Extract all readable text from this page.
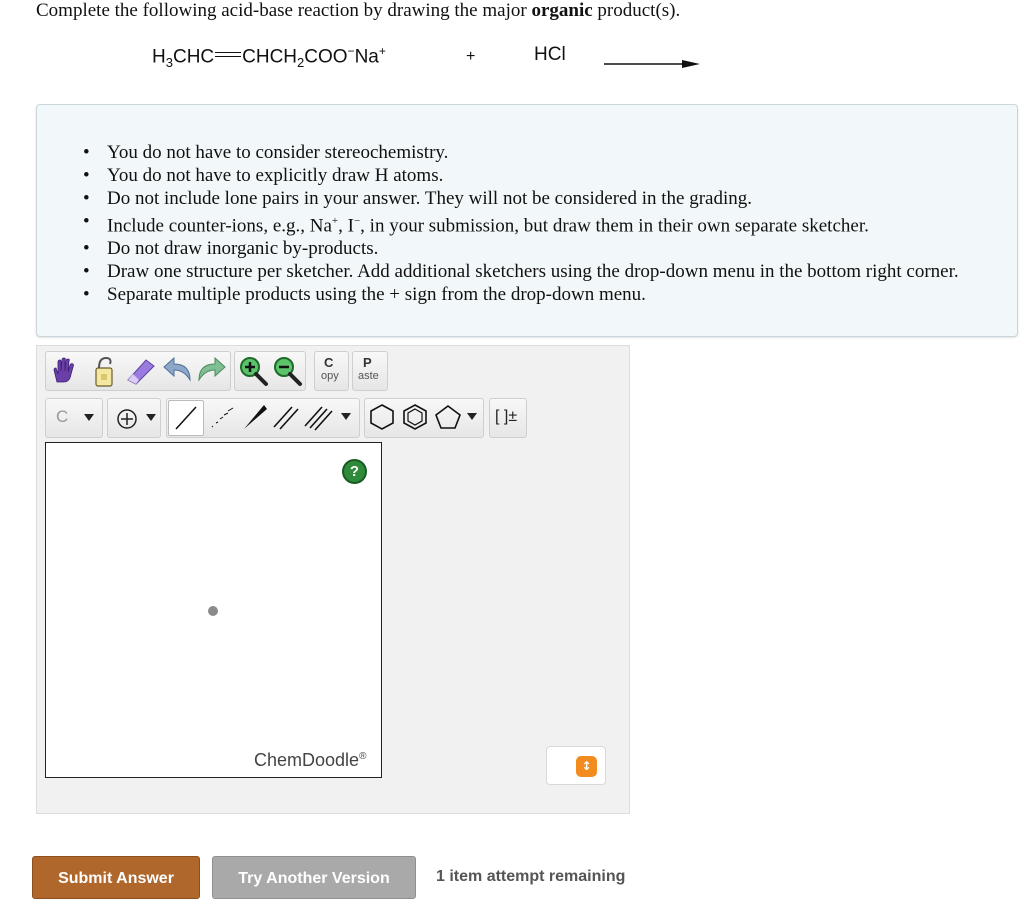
Complete the following acid-base reaction by drawing the major organic product(s).
$H_3CHC$ $CHCH_2COO^-Na^+$	+	HCl
• You do not have to consider stereochemistry.
• You do not have to explicitly draw H atoms.
• Do not include lone pairs in your answer. They will not be considered in the grading.
• Include counter-ions, e.g., Na+, I−, in your submission, but draw them in their own separate sketcher.
• Do not draw inorganic by-products.
• Draw one structure per sketcher. Add additional sketchers using the drop-down menu in the bottom right corner.
• Separate multiple products using the + sign from the drop-down menu.
C
opy
P
aste
C	[ ]±
?
ChemDoodle®
↕
Submit Answer	Try Another Version	1 item attempt remaining
